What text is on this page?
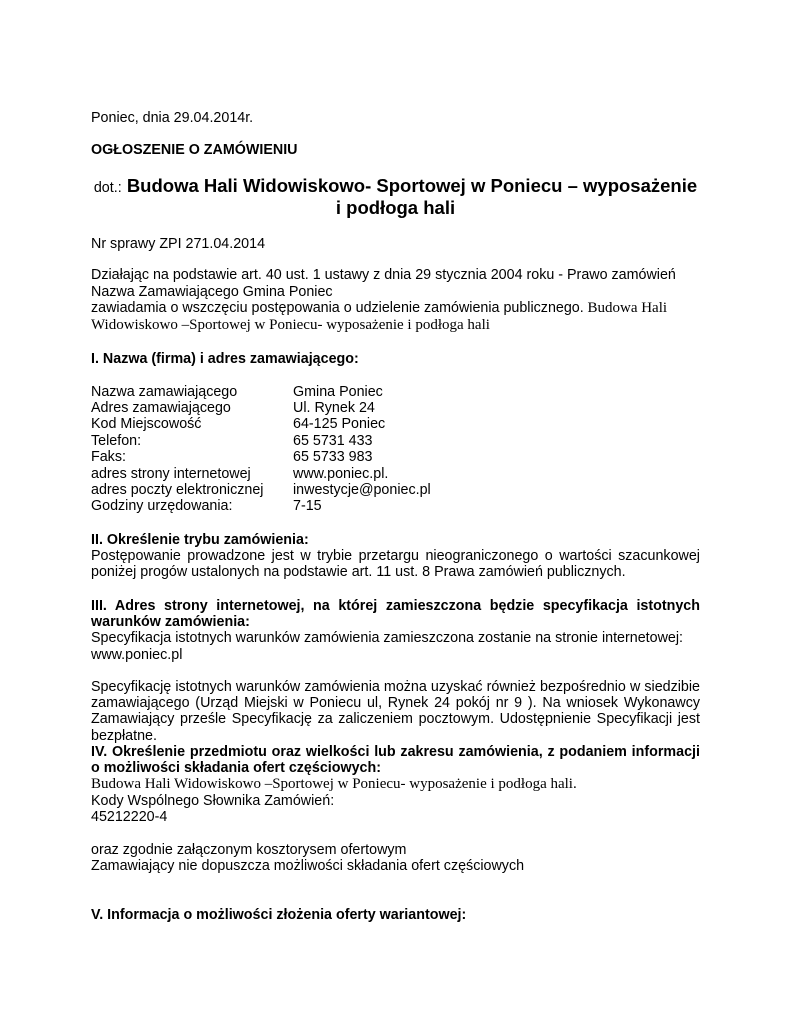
Poniec, dnia 29.04.2014r.
OGŁOSZENIE O ZAMÓWIENIU
dot.: Budowa Hali Widowiskowo- Sportowej w Poniecu – wyposażenie
i podłoga hali
Nr sprawy ZPI 271.04.2014
Działając na podstawie art. 40 ust. 1 ustawy z dnia 29 stycznia 2004 roku - Prawo zamówień
Nazwa Zamawiającego Gmina Poniec
zawiadamia o wszczęciu postępowania o udzielenie zamówienia publicznego. Budowa Hali
Widowiskowo –Sportowej w Poniecu- wyposażenie i podłoga hali
I. Nazwa (firma) i adres zamawiającego:
Nazwa zamawiającego	Gmina Poniec
Adres zamawiającego	Ul. Rynek 24
Kod Miejscowość	64-125 Poniec
Telefon:	65 5731 433
Faks:	65 5733 983
adres strony internetowej	www.poniec.pl.
adres poczty elektronicznej inwestycje@poniec.pl
Godziny urzędowania:	7-15
II. Określenie trybu zamówienia:
Postępowanie prowadzone jest w trybie przetargu nieograniczonego o wartości szacunkowej
poniżej progów ustalonych na podstawie art. 11 ust. 8 Prawa zamówień publicznych.
III. Adres strony internetowej, na której zamieszczona będzie specyfikacja istotnych
warunków zamówienia:
Specyfikacja istotnych warunków zamówienia zamieszczona zostanie na stronie internetowej:
www.poniec.pl
Specyfikację istotnych warunków zamówienia można uzyskać również bezpośrednio w siedzibie
zamawiającego (Urząd Miejski w Poniecu ul, Rynek 24 pokój nr 9 ). Na wniosek Wykonawcy
Zamawiający prześle Specyfikację za zaliczeniem pocztowym. Udostępnienie Specyfikacji jest
bezpłatne.
IV. Określenie przedmiotu oraz wielkości lub zakresu zamówienia, z podaniem informacji
o możliwości składania ofert częściowych:
Budowa Hali Widowiskowo –Sportowej w Poniecu- wyposażenie i podłoga hali.
Kody Wspólnego Słownika Zamówień:
45212220-4
oraz zgodnie załączonym kosztorysem ofertowym
Zamawiający nie dopuszcza możliwości składania ofert częściowych
V. Informacja o możliwości złożenia oferty wariantowej:
